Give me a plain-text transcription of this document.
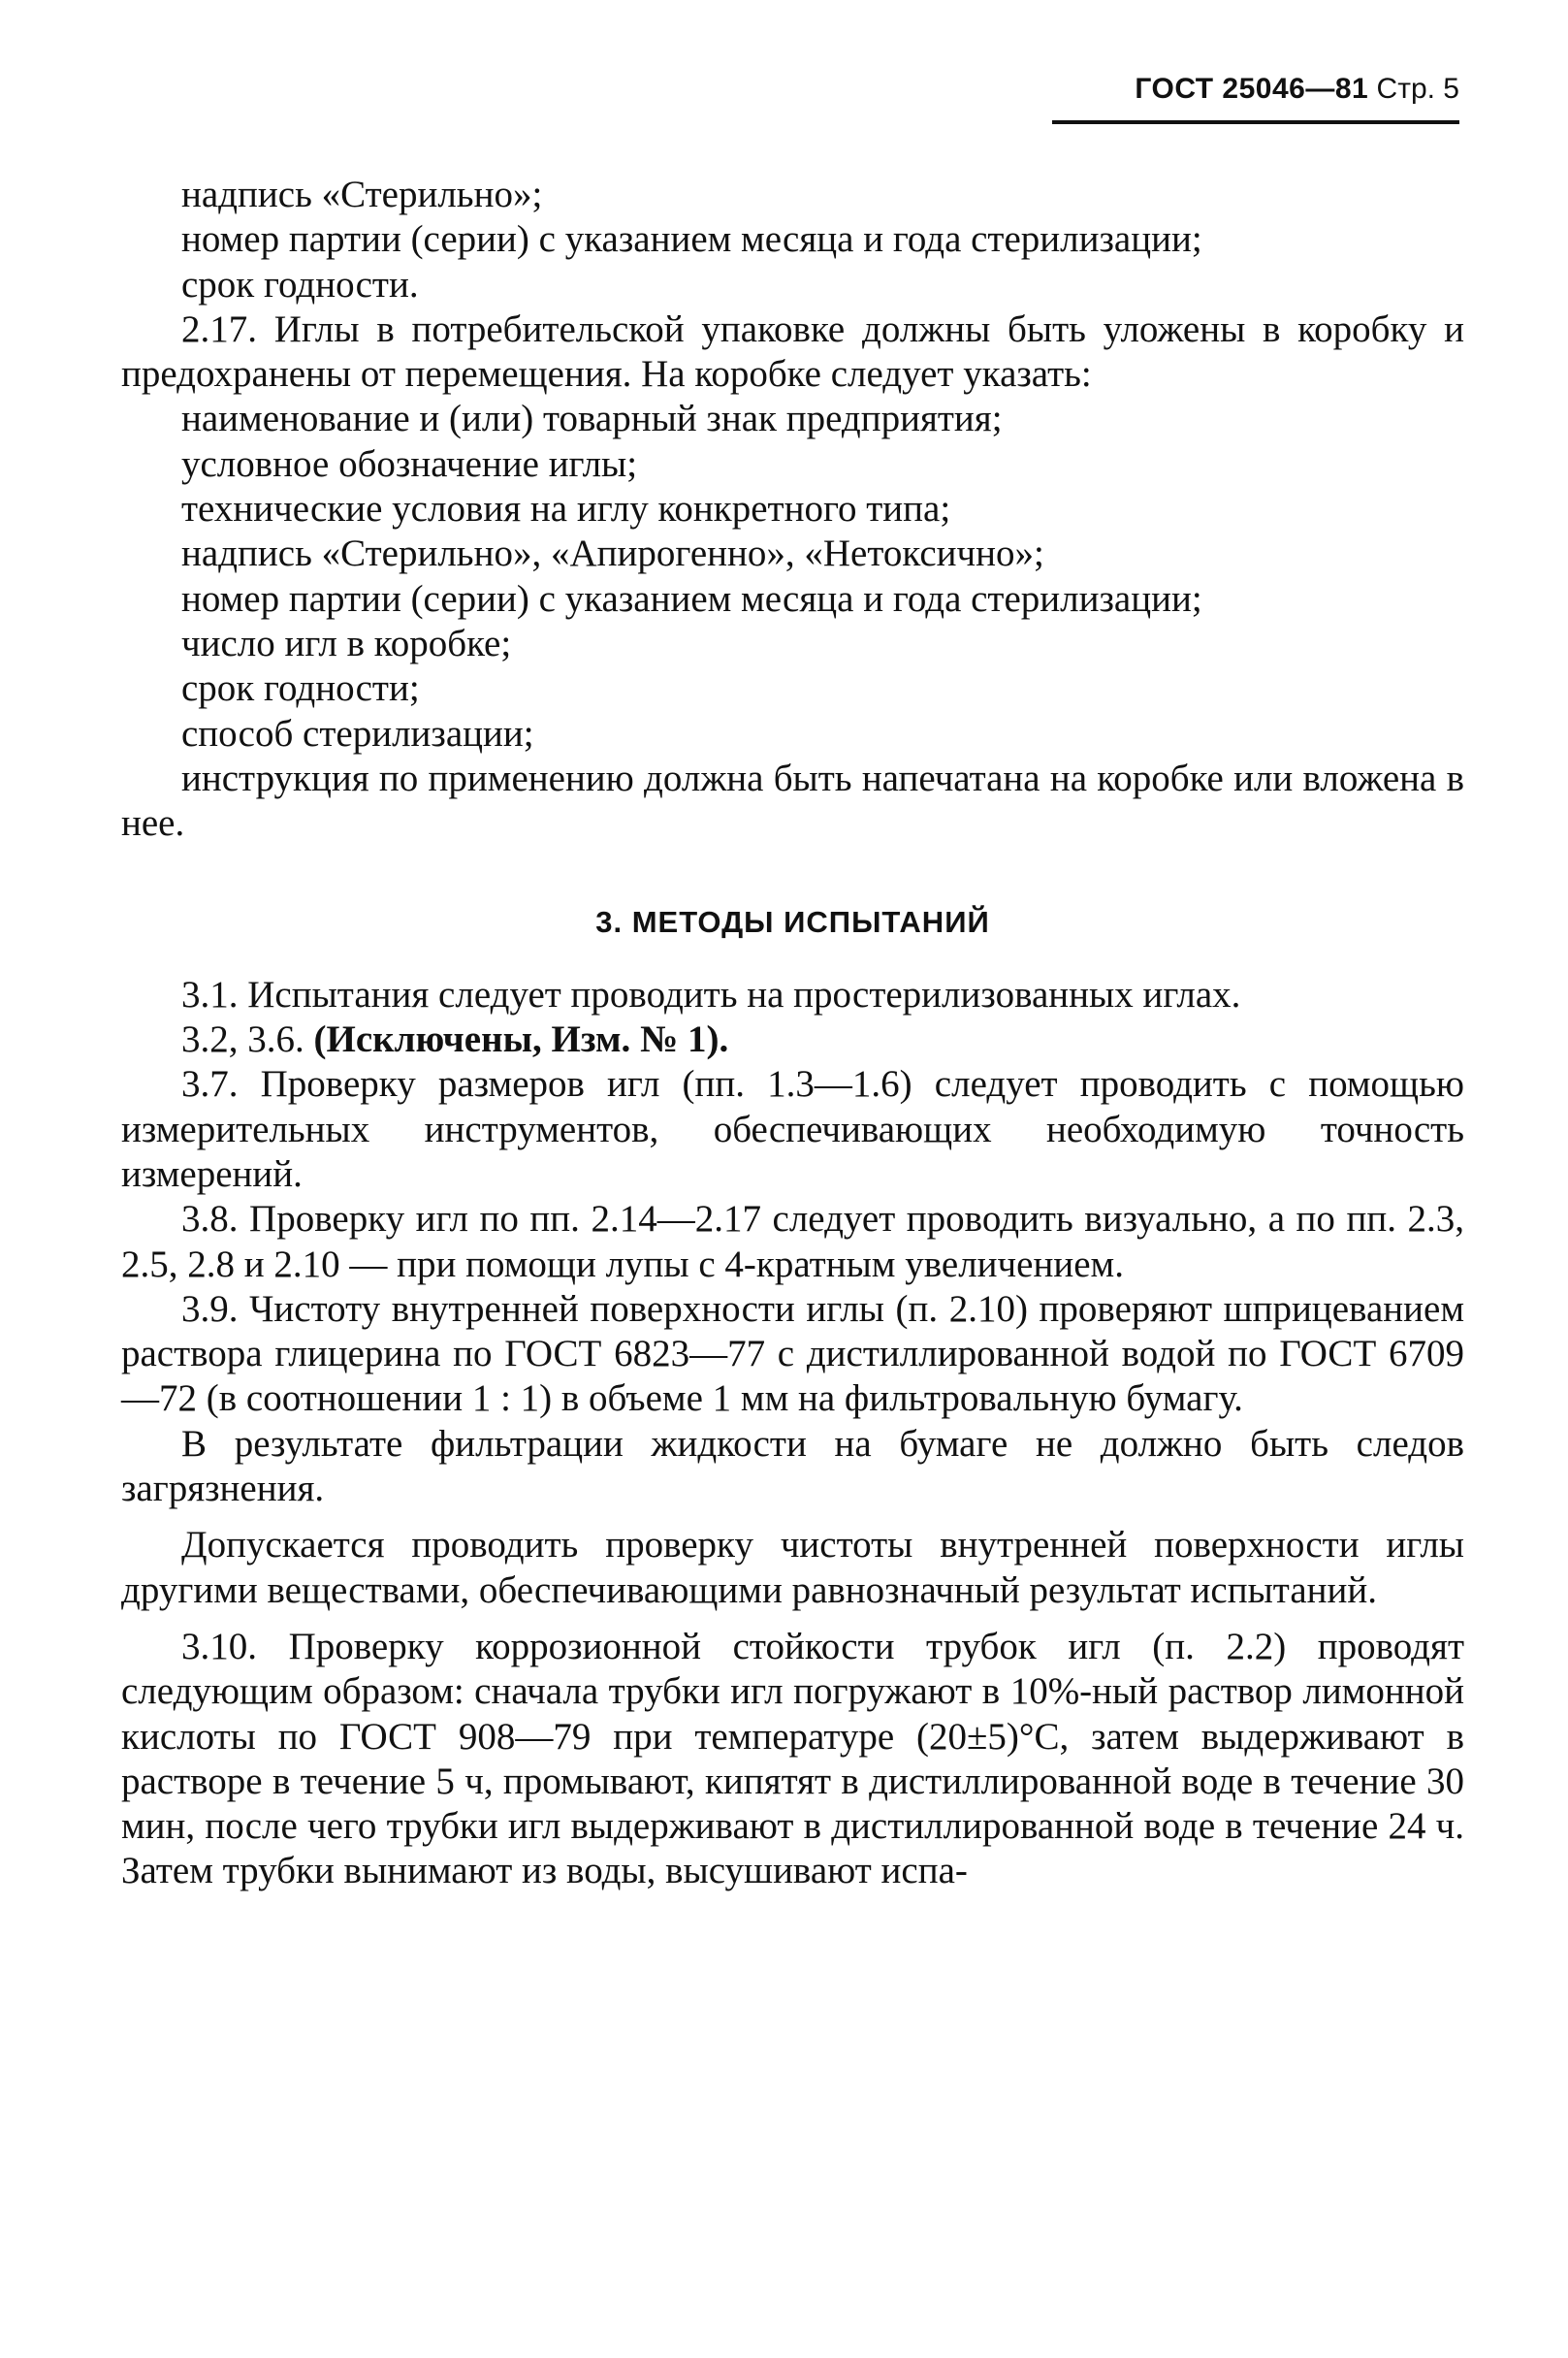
ГОСТ 25046—81 Стр. 5

надпись «Стерильно»;

номер партии (серии) с указанием месяца и года стерилизации;

срок годности.

2.17. Иглы в потребительской упаковке должны быть уложены в коробку и предохранены от перемещения. На коробке следует указать:

наименование и (или) товарный знак предприятия;

условное обозначение иглы;

технические условия на иглу конкретного типа;

надпись «Стерильно», «Апирогенно», «Нетоксично»;

номер партии (серии) с указанием месяца и года стерилизации;

число игл в коробке;

срок годности;

способ стерилизации;

инструкция по применению должна быть напечатана на коробке или вложена в нее.

3. МЕТОДЫ ИСПЫТАНИЙ

3.1. Испытания следует проводить на простерилизованных иглах.

3.2, 3.6. (Исключены, Изм. № 1).

3.7. Проверку размеров игл (пп. 1.3—1.6) следует проводить с помощью измерительных инструментов, обеспечивающих необходимую точность измерений.

3.8. Проверку игл по пп. 2.14—2.17 следует проводить визуально, а по пп. 2.3, 2.5, 2.8 и 2.10 — при помощи лупы с 4-кратным увеличением.

3.9. Чистоту внутренней поверхности иглы (п. 2.10) проверяют шприцеванием раствора глицерина по ГОСТ 6823—77 с дистиллированной водой по ГОСТ 6709—72 (в соотношении 1 : 1) в объеме 1 мм на фильтровальную бумагу.

В результате фильтрации жидкости на бумаге не должно быть следов загрязнения.

Допускается проводить проверку чистоты внутренней поверхности иглы другими веществами, обеспечивающими равнозначный результат испытаний.

3.10. Проверку коррозионной стойкости трубок игл (п. 2.2) проводят следующим образом: сначала трубки игл погружают в 10%-ный раствор лимонной кислоты по ГОСТ 908—79 при температуре (20±5)°С, затем выдерживают в растворе в течение 5 ч, промывают, кипятят в дистиллированной воде в течение 30 мин, после чего трубки игл выдерживают в дистиллированной воде в течение 24 ч. Затем трубки вынимают из воды, высушивают испа-
